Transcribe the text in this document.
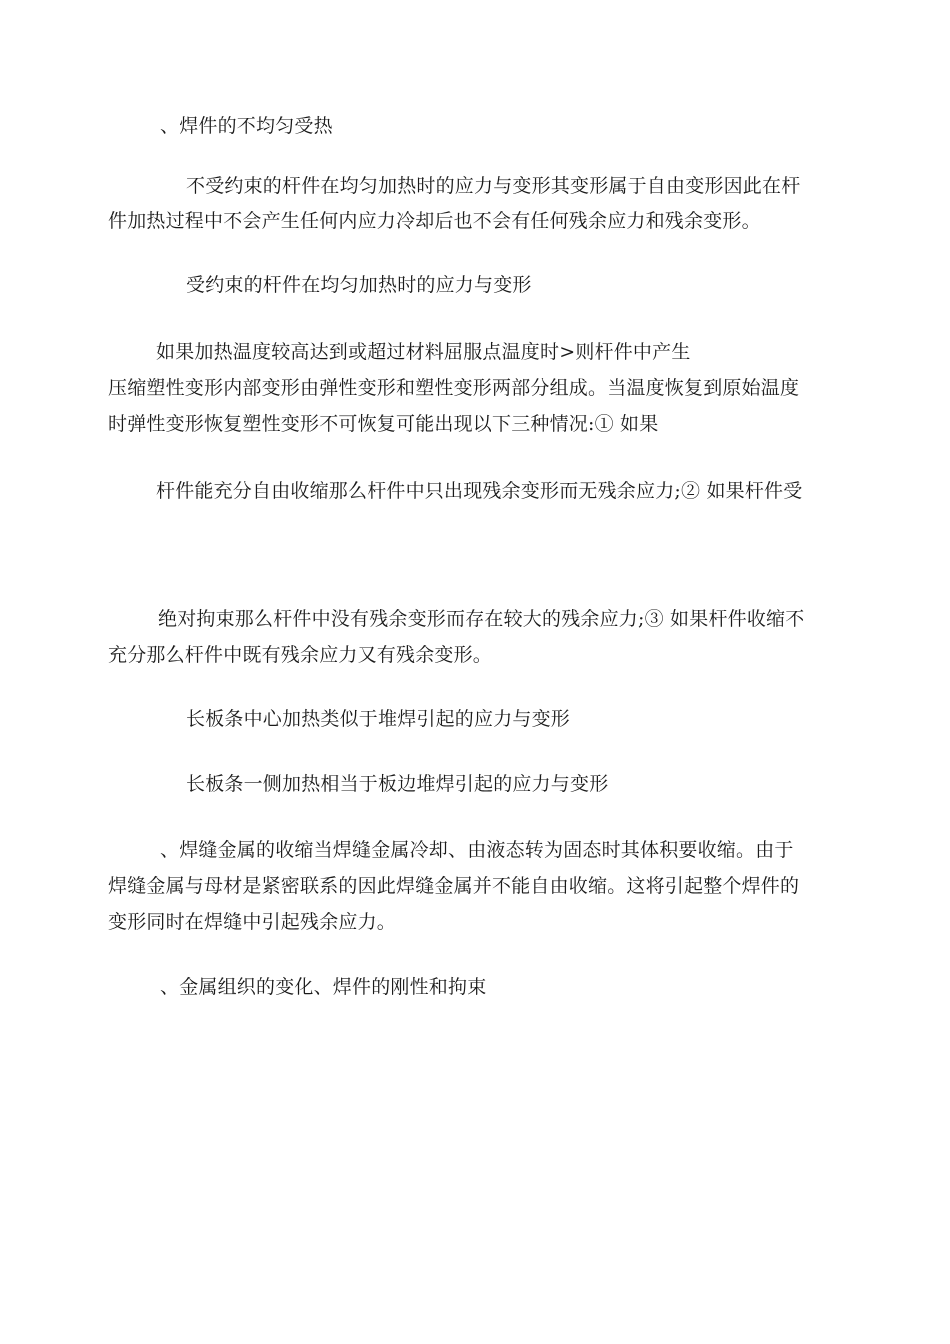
、焊件的不均匀受热
不受约束的杆件在均匀加热时的应力与变形其变形属于自由变形因此在杆
件加热过程中不会产生任何内应力冷却后也不会有任何残余应力和残余变形。
受约束的杆件在均匀加热时的应力与变形
如果加热温度较高达到或超过材料屈服点温度时>则杆件中产生
压缩塑性变形内部变形由弹性变形和塑性变形两部分组成。当温度恢复到原始温度
时弹性变形恢复塑性变形不可恢复可能出现以下三种情况:① 如果
杆件能充分自由收缩那么杆件中只出现残余变形而无残余应力;② 如果杆件受
绝对拘束那么杆件中没有残余变形而存在较大的残余应力;③ 如果杆件收缩不
充分那么杆件中既有残余应力又有残余变形。
长板条中心加热类似于堆焊引起的应力与变形
长板条一侧加热相当于板边堆焊引起的应力与变形
、焊缝金属的收缩当焊缝金属冷却、由液态转为固态时其体积要收缩。由于
焊缝金属与母材是紧密联系的因此焊缝金属并不能自由收缩。这将引起整个焊件的
变形同时在焊缝中引起残余应力。
、金属组织的变化、焊件的刚性和拘束
